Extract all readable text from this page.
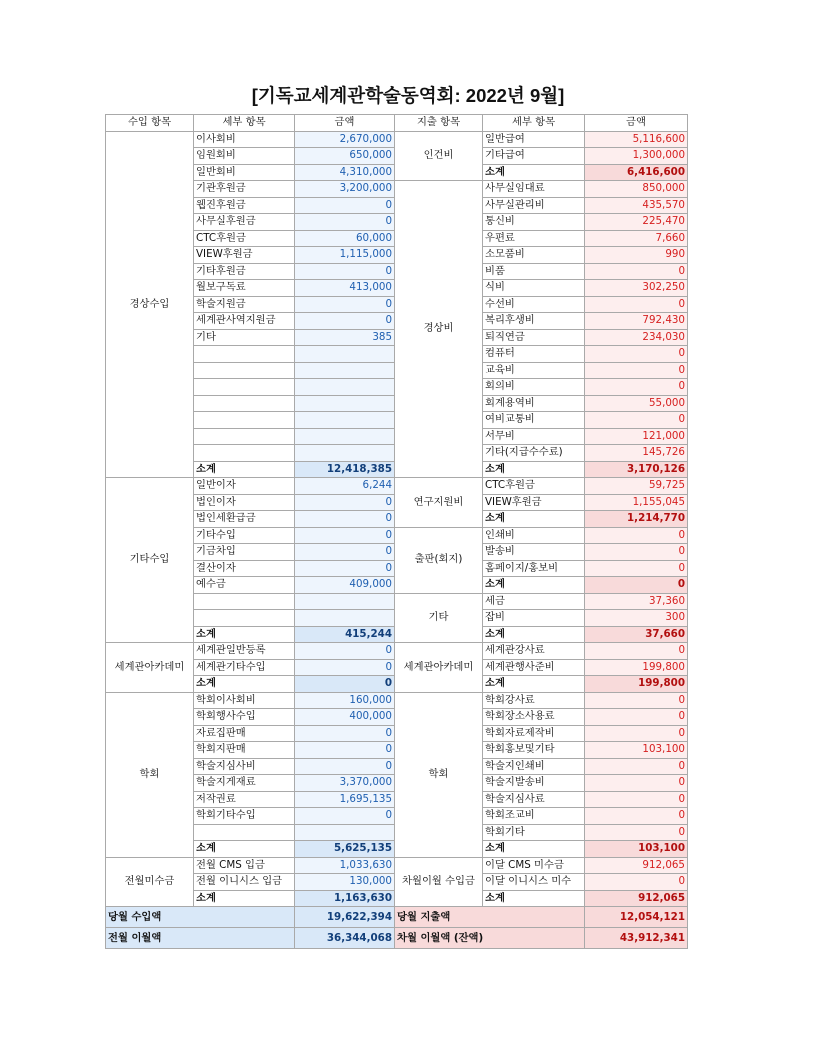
[기독교세계관학술동역회: 2022년 9월]
수입 항목	세부 항목	금액	지출 항목	세부 항목	금액
경상수입	이사회비	2,670,000	인건비	일반급여	5,116,600
	임원회비	650,000		기타급여	1,300,000
	일반회비	4,310,000		소계	6,416,600
	기관후원금	3,200,000	경상비	사무실임대료	850,000
	웹진후원금	0		사무실관리비	435,570
	사무실후원금	0		통신비	225,470
	CTC후원금	60,000		우편료	7,660
	VIEW후원금	1,115,000		소모품비	990
	기타후원금	0		비품	0
	월보구독료	413,000		식비	302,250
	학술지원금	0		수선비	0
	세계관사역지원금	0		복리후생비	792,430
	기타	385		퇴직연금	234,030
				컴퓨터	0
				교육비	0
				회의비	0
				회계용역비	55,000
				여비교통비	0
				서무비	121,000
				기타(지급수수료)	145,726
	소계	12,418,385		소계	3,170,126
기타수입	일반이자	6,244	연구지원비	CTC후원금	59,725
	법인이자	0		VIEW후원금	1,155,045
	법인세환급금	0		소계	1,214,770
	기타수입	0	출판(회지)	인쇄비	0
	기금차입	0		발송비	0
	결산이자	0		홈페이지/홍보비	0
	예수금	409,000		소계	0
			기타	세금	37,360
				잡비	300
	소계	415,244		소계	37,660
세계관아카데미	세계관일반등록	0	세계관아카데미	세계관강사료	0
	세계관기타수입	0		세계관행사준비	199,800
	소계	0		소계	199,800
학회	학회이사회비	160,000	학회	학회강사료	0
	학회행사수입	400,000		학회장소사용료	0
	자료집판매	0		학회자료제작비	0
	학회지판매	0		학회홍보및기타	103,100
	학술지심사비	0		학술지인쇄비	0
	학술지게재료	3,370,000		학술지발송비	0
	저작권료	1,695,135		학술지심사료	0
	학회기타수입	0		학회조교비	0
				학회기타	0
	소계	5,625,135		소계	103,100
전월미수금	전월 CMS 입금	1,033,630	차월이월 수입금	이달 CMS 미수금	912,065
	전월 이니시스 입금	130,000		이달 이니시스 미수	0
	소계	1,163,630		소계	912,065
당월 수입액		19,622,394	당월 지출액		12,054,121
전월 이월액		36,344,068	차월 이월액 (잔액)		43,912,341
